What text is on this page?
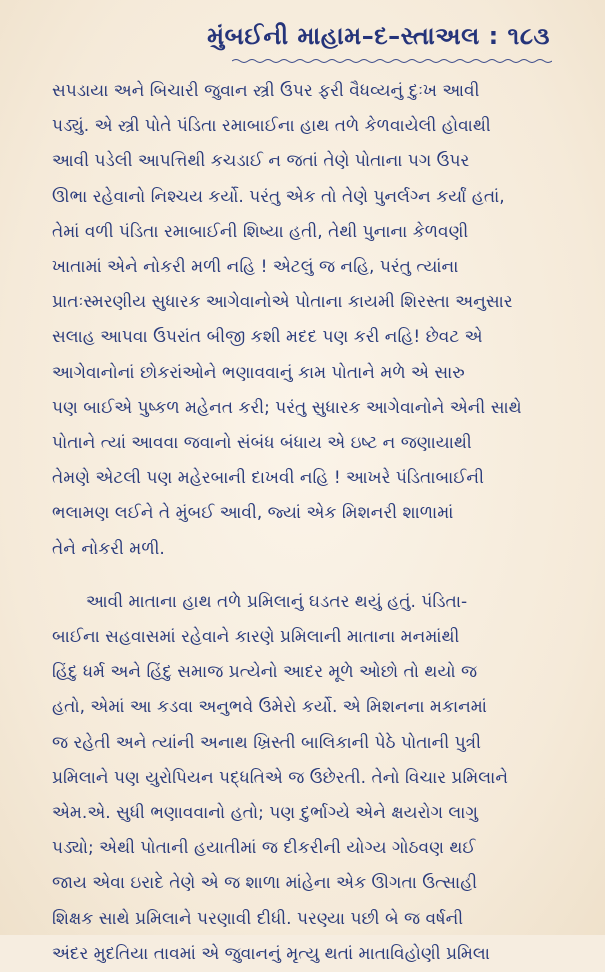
મુંબઈની માહામ–દ–સ્તાઅલ : ૧૮૩
સપડાયા અને બિચારી જુવાન સ્ત્રી ઉપર ફરી વૈધવ્યનું દુઃખ આવી
પડ્યું. એ સ્ત્રી પોતે પંડિતા રમાબાઈના હાથ તળે કેળવાયેલી હોવાથી
આવી પડેલી આપત્તિથી કચડાઈ ન જતાં તેણે પોતાના પગ ઉપર
ઊભા રહેવાનો નિશ્ચય કર્યો. પરંતુ એક તો તેણે પુનર્લગ્ન કર્યાં હતાં,
તેમાં વળી પંડિતા રમાબાઈની શિષ્યા હતી, તેથી પુનાના કેળવણી
ખાતામાં એને નોકરી મળી નહિ ! એટલું જ નહિ, પરંતુ ત્યાંના
પ્રાતઃસ્મરણીય સુધારક આગેવાનોએ પોતાના કાયમી શિરસ્તા અનુસાર
સલાહ આપવા ઉપરાંત બીજી કશી મદદ પણ કરી નહિ! છેવટ એ
આગેવાનોનાં છોકરાંઓને ભણાવવાનું કામ પોતાને મળે એ સારુ
પણ બાઈએ પુષ્કળ મહેનત કરી; પરંતુ સુધારક આગેવાનોને એની સાથે
પોતાને ત્યાં આવવા જવાનો સંબંધ બંધાય એ ઇષ્ટ ન જણાયાથી
તેમણે એટલી પણ મહેરબાની દાખવી નહિ ! આખરે પંડિતાબાઈની
ભલામણ લઈને તે મુંબઈ આવી, જ્યાં એક મિશનરી શાળામાં
તેને નોકરી મળી.
આવી માતાના હાથ તળે પ્રમિલાનું ઘડતર થયું હતું. પંડિતા-
બાઈના સહવાસમાં રહેવાને કારણે પ્રમિલાની માતાના મનમાંથી
હિંદુ ધર્મ અને હિંદુ સમાજ પ્રત્યેનો આદર મૂળે ઓછો તો થયો જ
હતો, એમાં આ કડવા અનુભવે ઉમેરો કર્યો. એ મિશનના મકાનમાં
જ રહેતી અને ત્યાંની અનાથ ખ્રિસ્તી બાલિકાની પેઠે પોતાની પુત્રી
પ્રમિલાને પણ યુરોપિયન પદ્ધતિએ જ ઉછેરતી. તેનો વિચાર પ્રમિલાને
એમ.એ. સુધી ભણાવવાનો હતો; પણ દુર્ભાગ્યે એને ક્ષયરોગ લાગુ
પડ્યો; એથી પોતાની હયાતીમાં જ દીકરીની યોગ્ય ગોઠવણ થઈ
જાય એવા ઇરાદે તેણે એ જ શાળા માંહેના એક ઊગતા ઉત્સાહી
શિક્ષક સાથે પ્રમિલાને પરણાવી દીધી. પરણ્યા પછી બે જ વર્ષની
અંદર મુદતિયા તાવમાં એ જુવાનનું મૃત્યુ થતાં માતાવિહોણી પ્રમિલા
